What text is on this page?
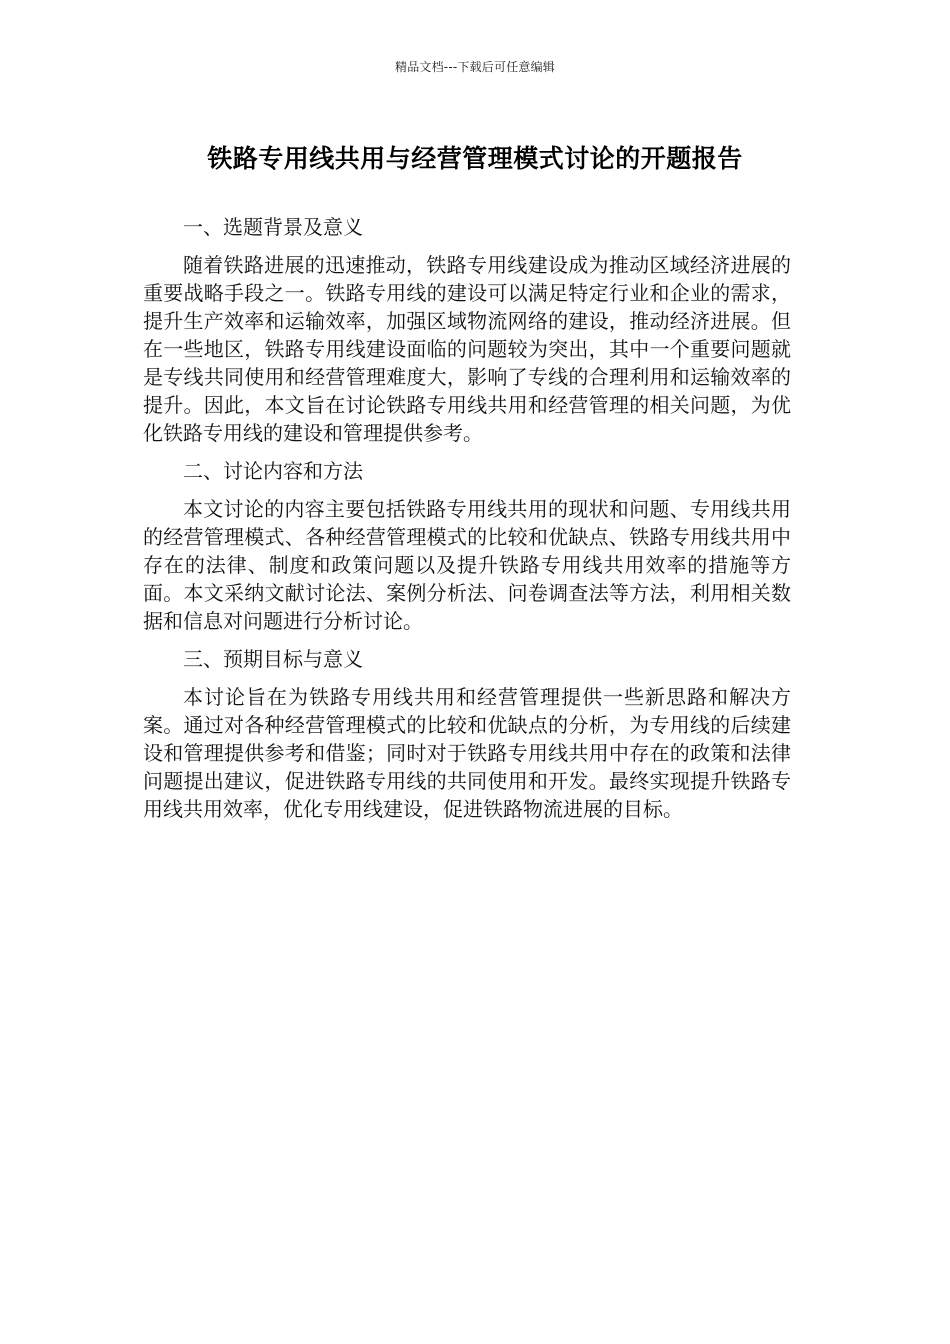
精品文档---下载后可任意编辑
铁路专用线共用与经营管理模式讨论的开题报告
一、选题背景及意义

随着铁路进展的迅速推动，铁路专用线建设成为推动区域经济进展的重要战略手段之一。铁路专用线的建设可以满足特定行业和企业的需求，提升生产效率和运输效率，加强区域物流网络的建设，推动经济进展。但在一些地区，铁路专用线建设面临的问题较为突出，其中一个重要问题就是专线共同使用和经营管理难度大，影响了专线的合理利用和运输效率的提升。因此，本文旨在讨论铁路专用线共用和经营管理的相关问题，为优化铁路专用线的建设和管理提供参考。

二、讨论内容和方法

本文讨论的内容主要包括铁路专用线共用的现状和问题、专用线共用的经营管理模式、各种经营管理模式的比较和优缺点、铁路专用线共用中存在的法律、制度和政策问题以及提升铁路专用线共用效率的措施等方面。本文采纳文献讨论法、案例分析法、问卷调查法等方法，利用相关数据和信息对问题进行分析讨论。

三、预期目标与意义

本讨论旨在为铁路专用线共用和经营管理提供一些新思路和解决方案。通过对各种经营管理模式的比较和优缺点的分析，为专用线的后续建设和管理提供参考和借鉴；同时对于铁路专用线共用中存在的政策和法律问题提出建议，促进铁路专用线的共同使用和开发。最终实现提升铁路专用线共用效率，优化专用线建设，促进铁路物流进展的目标。
